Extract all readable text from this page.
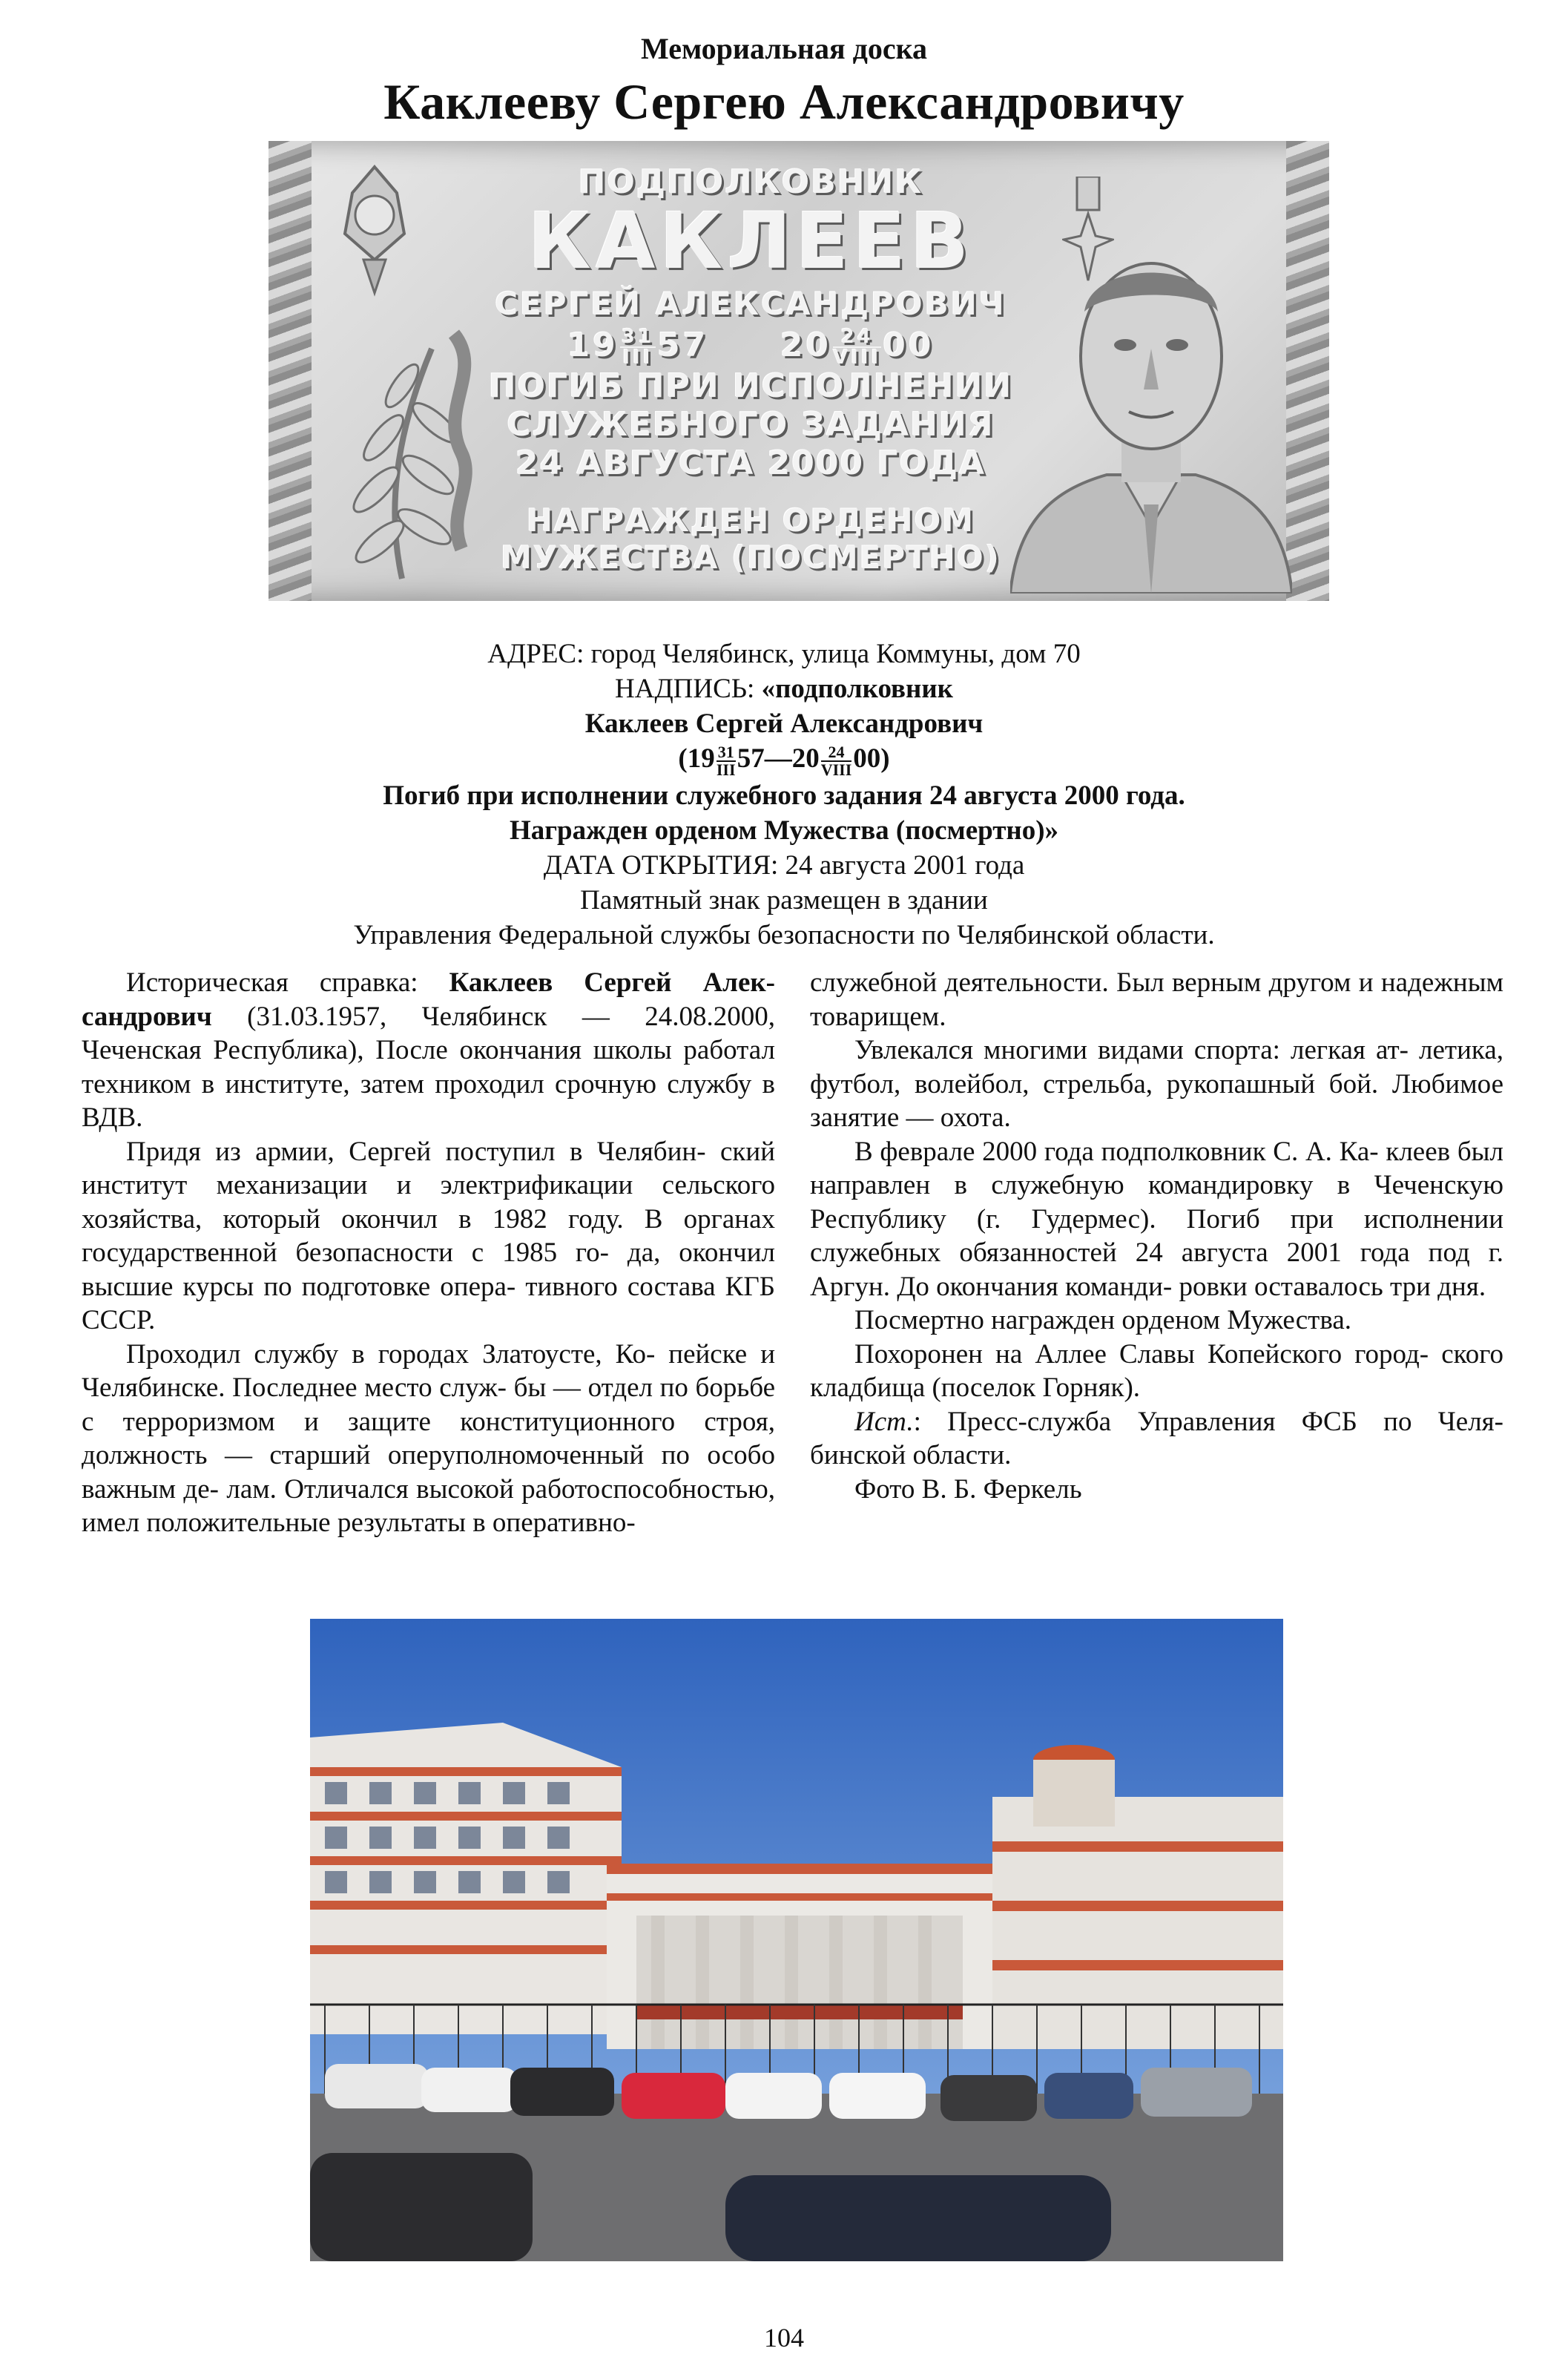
Мемориальная доска
Каклееву Сергею Александровичу
ПОДПОЛКОВНИК
КАКЛЕЕВ
СЕРГЕЙ АЛЕКСАНДРОВИЧ
$19 \frac{31}{\text{III}} 57$ $20 \frac{24}{\text{VIII}} 00$
ПОГИБ ПРИ ИСПОЛНЕНИИ
СЛУЖЕБНОГО ЗАДАНИЯ
24 АВГУСТА 2000 ГОДА
НАГРАЖДЕН ОРДЕНОМ
МУЖЕСТВА (ПОСМЕРТНО)
АДРЕС: город Челябинск, улица Коммуны, дом 70
НАДПИСЬ: «подполковник
Каклеев Сергей Александрович
($19 \frac{31}{\text{III}}$ 57—20 $\frac{24}{\text{VIII}} 00$)
Погиб при исполнении служебного задания 24 августа 2000 года.
Награжден орденом Мужества (посмертно)»
ДАТА ОТКРЫТИЯ: 24 августа 2001 года
Памятный знак размещен в здании
Управления Федеральной службы безопасности по Челябинской области.

Историческая справка: Каклеев Сергей Алек- сандрович (31.03.1957, Челябинск — 24.08.2000, Чеченская Республика), После окончания школы работал техником в институте, затем проходил срочную службу в ВДВ.

Придя из армии, Сергей поступил в Челябин- ский институт механизации и электрификации сельского хозяйства, который окончил в 1982 году. В органах государственной безопасности с 1985 го- да, окончил высшие курсы по подготовке опера- тивного состава КГБ СССР.

Проходил службу в городах Златоусте, Ко- пейске и Челябинске. Последнее место служ- бы — отдел по борьбе с терроризмом и защите конституционного строя, должность — старший оперуполномоченный по особо важным де- лам. Отличался высокой работоспособностью, имел положительные результаты в оперативно-

служебной деятельности. Был верным другом и надежным товарищем.

Увлекался многими видами спорта: легкая ат- летика, футбол, волейбол, стрельба, рукопашный бой. Любимое занятие — охота.

В феврале 2000 года подполковник С. А. Ка- клеев был направлен в служебную командировку в Чеченскую Республику (г. Гудермес). Погиб при исполнении служебных обязанностей 24 августа 2001 года под г. Аргун. До окончания команди- ровки оставалось три дня.

Посмертно награжден орденом Мужества.

Похоронен на Аллее Славы Копейского город- ского кладбища (поселок Горняк).

Ист.: Пресс-служба Управления ФСБ по Челя- бинской области.

Фото В. Б. Феркель

104
